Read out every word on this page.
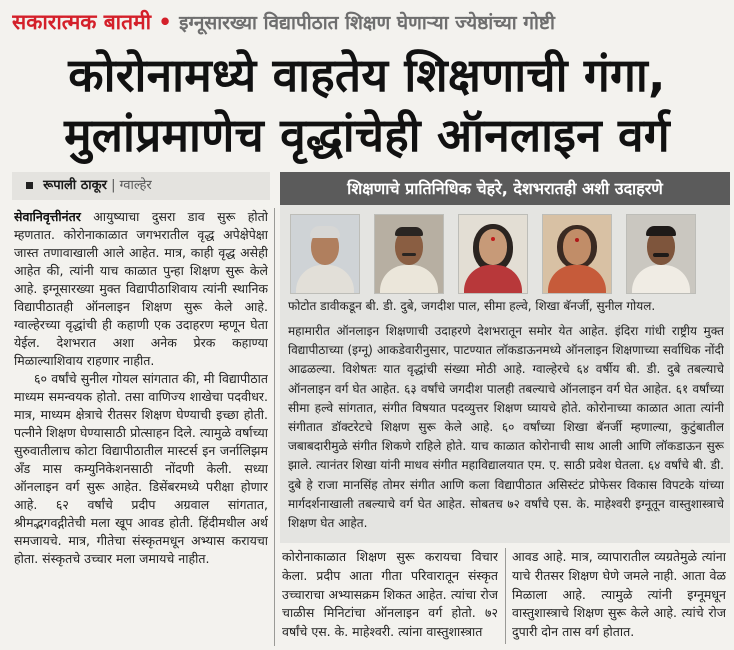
सकारात्मक बातमी • इग्नूसारख्या विद्यापीठात शिक्षण घेणाऱ्या ज्येष्ठांच्या गोष्टी
कोरोनामध्ये वाहतेय शिक्षणाची गंगा,
मुलांप्रमाणेच वृद्धांचेही ऑनलाइन वर्ग
रूपाली ठाकूर | ग्वाल्हेर	शिक्षणाचे प्रातिनिधिक चेहरे, देशभरातही अशी उदाहरणे
फोटोत डावीकडून बी. डी. दुबे, जगदीश पाल, सीमा हल्वे, शिखा बॅनर्जी, सुनील गोयल.

महामारीत ऑनलाइन शिक्षणाची उदाहरणे देशभरातून समोर येत आहेत. इंदिरा गांधी राष्ट्रीय मुक्त विद्यापीठाच्या (इग्नू) आकडेवारीनुसार, पाटण्यात लॉकडाऊनमध्ये ऑनलाइन शिक्षणाच्या सर्वाधिक नोंदी आढळल्या. विशेषतः यात वृद्धांची संख्या मोठी आहे. ग्वाल्हेरचे ६४ वर्षीय बी. डी. दुबे तबल्याचे ऑनलाइन वर्ग घेत आहेत. ६३ वर्षांचे जगदीश पालही तबल्याचे ऑनलाइन वर्ग घेत आहेत. ६१ वर्षांच्या सीमा हल्वे सांगतात, संगीत विषयात पदव्युत्तर शिक्षण घ्यायचे होते. कोरोनाच्या काळात आता त्यांनी संगीतात डॉक्टरेटचे शिक्षण सुरू केले आहे. ६० वर्षांच्या शिखा बॅनर्जी म्हणाल्या, कुटुंबातील जबाबदारीमुळे संगीत शिकणे राहिले होते. याच काळात कोरोनाची साथ आली आणि लॉकडाऊन सुरू झाले. त्यानंतर शिखा यांनी माधव संगीत महाविद्यालयात एम. ए. साठी प्रवेश घेतला. ६४ वर्षांचे बी. डी. दुबे हे राजा मानसिंह तोमर संगीत आणि कला विद्यापीठात असिस्टंट प्रोफेसर विकास विपटके यांच्या मार्गदर्शनाखाली तबल्याचे वर्ग घेत आहेत. सोबतच ७२ वर्षांचे एस. के. माहेश्वरी इग्नूतून वास्तुशास्त्राचे शिक्षण घेत आहेत.

सेवानिवृत्तीनंतर आयुष्याचा दुसरा डाव सुरू होतो म्हणतात. कोरोनाकाळात जगभरातील वृद्ध अपेक्षेपेक्षा जास्त तणावाखाली आले आहेत. मात्र, काही वृद्ध असेही आहेत की, त्यांनी याच काळात पुन्हा शिक्षण सुरू केले आहे. इग्नूसारख्या मुक्त विद्यापीठाशिवाय त्यांनी स्थानिक विद्यापीठातही ऑनलाइन शिक्षण सुरू केले आहे. ग्वाल्हेरच्या वृद्धांची ही कहाणी एक उदाहरण म्हणून घेता येईल. देशभरात अशा अनेक प्रेरक कहाण्या मिळाल्याशिवाय राहणार नाहीत.

६० वर्षांचे सुनील गोयल सांगतात की, मी विद्यापीठात माध्यम समन्वयक होतो. तसा वाणिज्य शाखेचा पदवीधर. मात्र, माध्यम क्षेत्राचे रीतसर शिक्षण घेण्याची इच्छा होती. पत्नीने शिक्षण घेण्यासाठी प्रोत्साहन दिले. त्यामुळे वर्षाच्या सुरुवातीलाच कोटा विद्यापीठातील मास्टर्स इन जर्नालिझम अँड मास कम्युनिकेशनसाठी नोंदणी केली. सध्या ऑनलाइन वर्ग सुरू आहेत. डिसेंबरमध्ये परीक्षा होणार आहे. ६२ वर्षांचे प्रदीप अग्रवाल सांगतात, श्रीमद्भगवद्गीतेची मला खूप आवड होती. हिंदीमधील अर्थ समजायचे. मात्र, गीतेचा संस्कृतमधून अभ्यास करायचा होता. संस्कृतचे उच्चार मला जमायचे नाहीत.	कोरोनाकाळात शिक्षण सुरू करायचा विचार केला. प्रदीप आता गीता परिवारातून संस्कृत उच्चाराचा अभ्यासक्रम शिकत आहेत. त्यांचा रोज चाळीस मिनिटांचा ऑनलाइन वर्ग होतो. ७२ वर्षांचे एस. के. माहेश्वरी. त्यांना वास्तुशास्त्रात
आवड आहे. मात्र, व्यापारातील व्यग्रतेमुळे त्यांना याचे रीतसर शिक्षण घेणे जमले नाही. आता वेळ मिळाला आहे. त्यामुळे त्यांनी इग्नूमधून वास्तुशास्त्राचे शिक्षण सुरू केले आहे. त्यांचे रोज दुपारी दोन तास वर्ग होतात.
